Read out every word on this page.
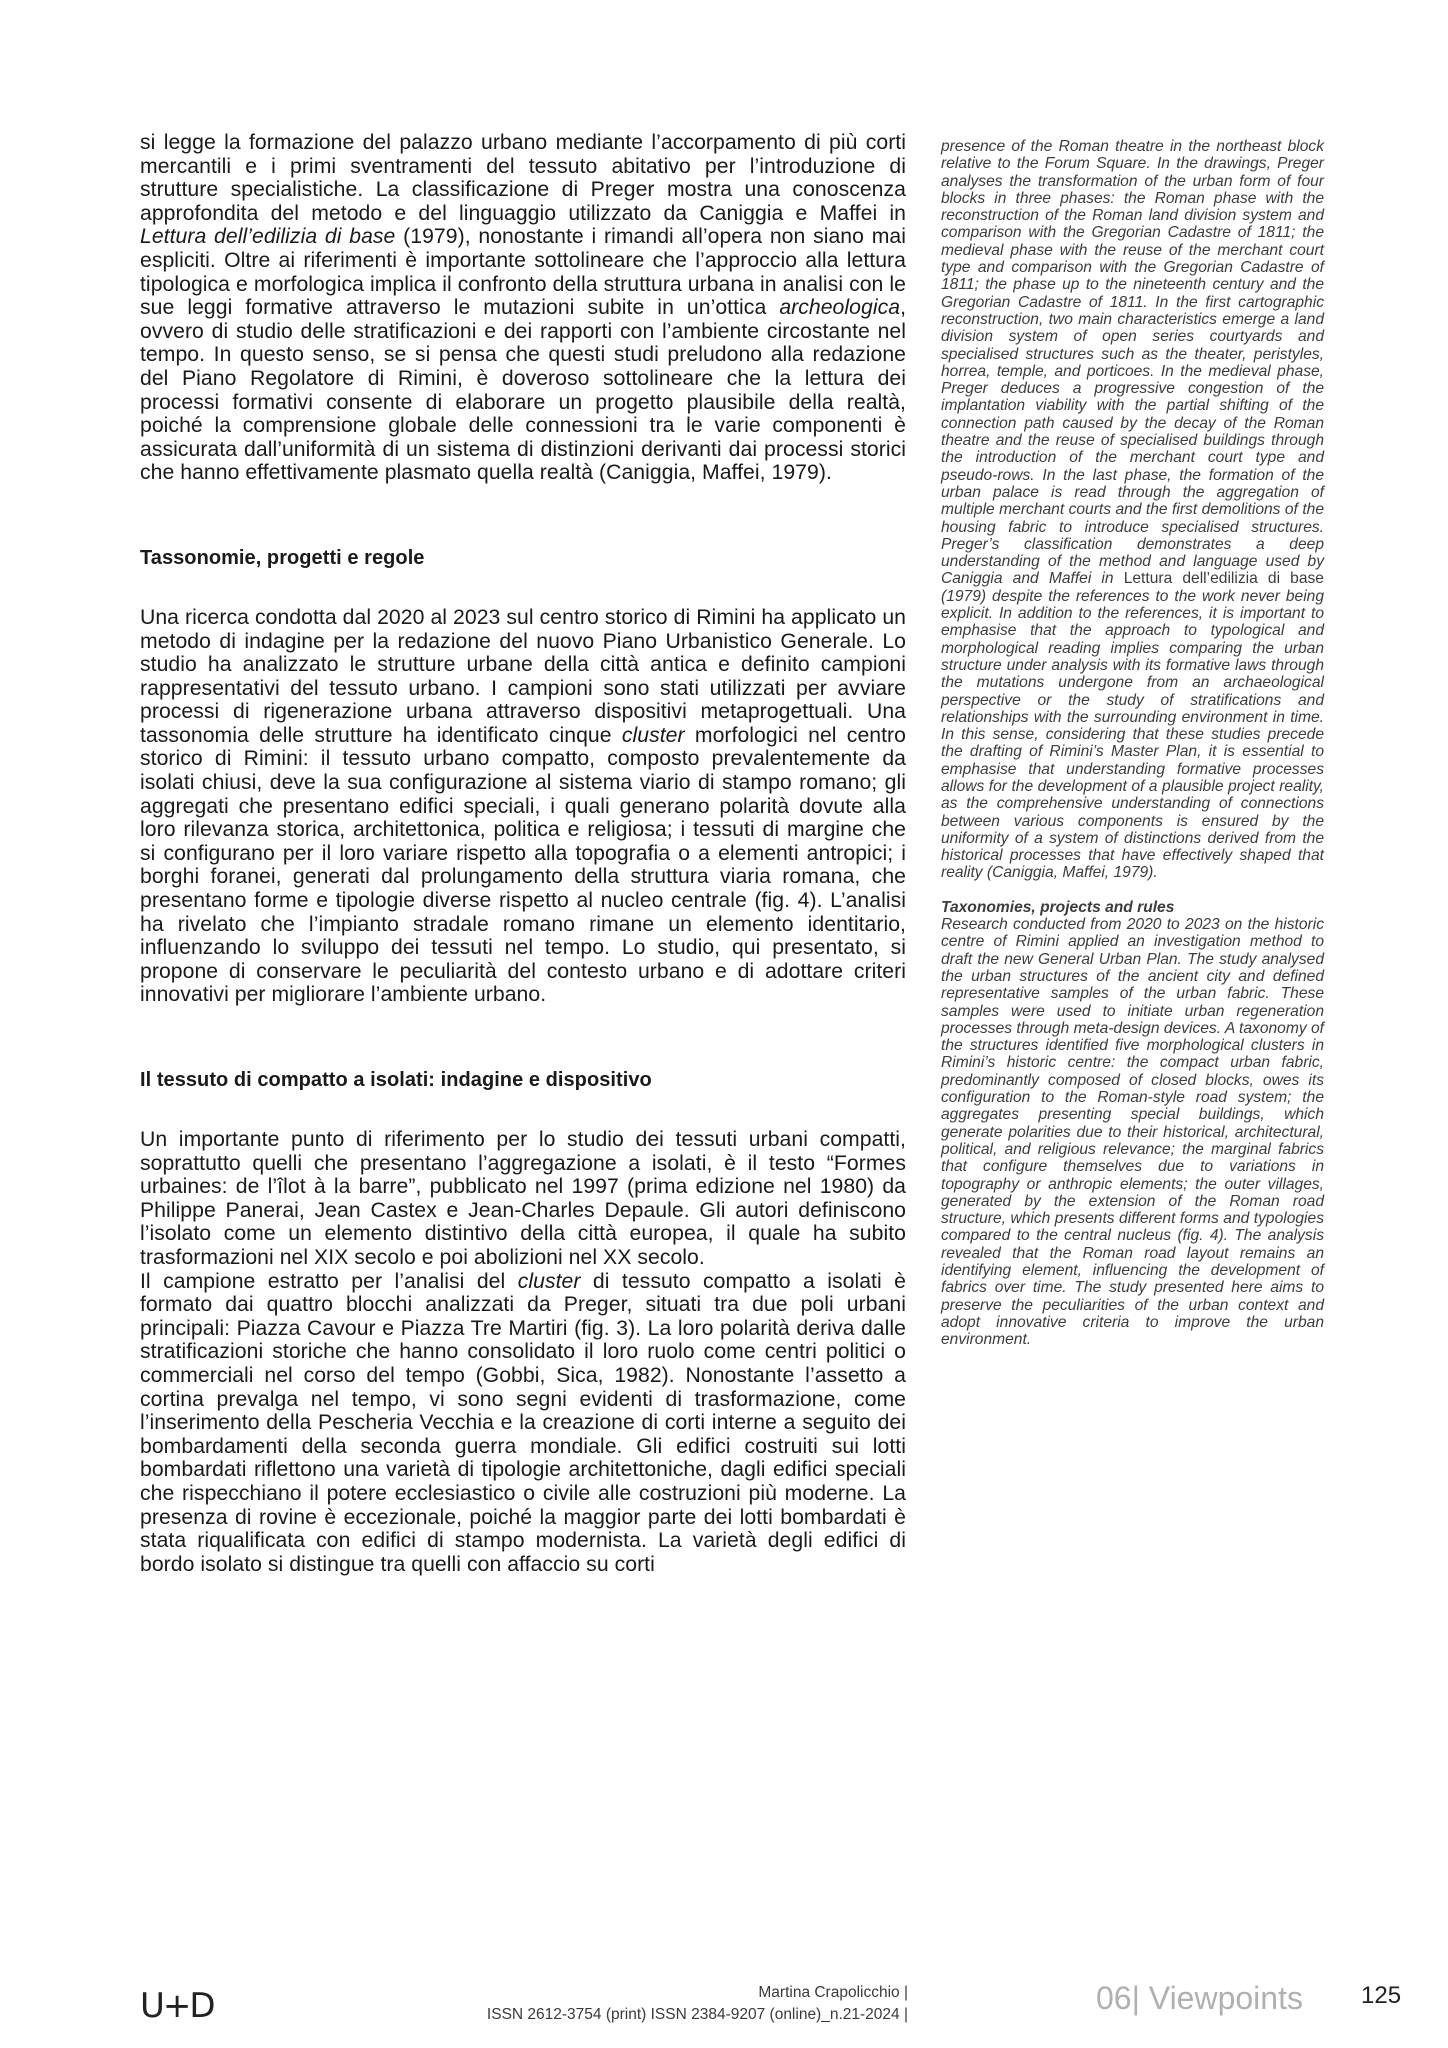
si legge la formazione del palazzo urbano mediante l’accorpamento di più corti mercantili e i primi sventramenti del tessuto abitativo per l’introduzione di strutture specialistiche. La classificazione di Preger mostra una conoscenza approfondita del metodo e del linguaggio utilizzato da Caniggia e Maffei in Lettura dell’edilizia di base (1979), nonostante i rimandi all’opera non siano mai espliciti. Oltre ai riferimenti è importante sottolineare che l’approccio alla lettura tipologica e morfologica implica il confronto della struttura urbana in analisi con le sue leggi formative attraverso le mutazioni subite in un’ottica archeologica, ovvero di studio delle stratificazioni e dei rapporti con l’ambiente circostante nel tempo. In questo senso, se si pensa che questi studi preludono alla redazione del Piano Regolatore di Rimini, è doveroso sottolineare che la lettura dei processi formativi consente di elaborare un progetto plausibile della realtà, poiché la comprensione globale delle connessioni tra le varie componenti è assicurata dall’uniformità di un sistema di distinzioni derivanti dai processi storici che hanno effettivamente plasmato quella realtà (Caniggia, Maffei, 1979).

Tassonomie, progetti e regole

Una ricerca condotta dal 2020 al 2023 sul centro storico di Rimini ha applicato un metodo di indagine per la redazione del nuovo Piano Urbanistico Generale. Lo studio ha analizzato le strutture urbane della città antica e definito campioni rappresentativi del tessuto urbano. I campioni sono stati utilizzati per avviare processi di rigenerazione urbana attraverso dispositivi metaprogettuali. Una tassonomia delle strutture ha identificato cinque cluster morfologici nel centro storico di Rimini: il tessuto urbano compatto, composto prevalentemente da isolati chiusi, deve la sua configurazione al sistema viario di stampo romano; gli aggregati che presentano edifici speciali, i quali generano polarità dovute alla loro rilevanza storica, architettonica, politica e religiosa; i tessuti di margine che si configurano per il loro variare rispetto alla topografia o a elementi antropici; i borghi foranei, generati dal prolungamento della struttura viaria romana, che presentano forme e tipologie diverse rispetto al nucleo centrale (fig. 4). L’analisi ha rivelato che l’impianto stradale romano rimane un elemento identitario, influenzando lo sviluppo dei tessuti nel tempo. Lo studio, qui presentato, si propone di conservare le peculiarità del contesto urbano e di adottare criteri innovativi per migliorare l’ambiente urbano.

Il tessuto di compatto a isolati: indagine e dispositivo

Un importante punto di riferimento per lo studio dei tessuti urbani compatti, soprattutto quelli che presentano l’aggregazione a isolati, è il testo “Formes urbaines: de l’îlot à la barre”, pubblicato nel 1997 (prima edizione nel 1980) da Philippe Panerai, Jean Castex e Jean-Charles Depaule. Gli autori definiscono l’isolato come un elemento distintivo della città europea, il quale ha subito trasformazioni nel XIX secolo e poi abolizioni nel XX secolo.

Il campione estratto per l’analisi del cluster di tessuto compatto a isolati è formato dai quattro blocchi analizzati da Preger, situati tra due poli urbani principali: Piazza Cavour e Piazza Tre Martiri (fig. 3). La loro polarità deriva dalle stratificazioni storiche che hanno consolidato il loro ruolo come centri politici o commerciali nel corso del tempo (Gobbi, Sica, 1982). Nonostante l’assetto a cortina prevalga nel tempo, vi sono segni evidenti di trasformazione, come l’inserimento della Pescheria Vecchia e la creazione di corti interne a seguito dei bombardamenti della seconda guerra mondiale. Gli edifici costruiti sui lotti bombardati riflettono una varietà di tipologie architettoniche, dagli edifici speciali che rispecchiano il potere ecclesiastico o civile alle costruzioni più moderne. La presenza di rovine è eccezionale, poiché la maggior parte dei lotti bombardati è stata riqualificata con edifici di stampo modernista. La varietà degli edifici di bordo isolato si distingue tra quelli con affaccio su corti

presence of the Roman theatre in the northeast block relative to the Forum Square. In the drawings, Preger analyses the transformation of the urban form of four blocks in three phases: the Roman phase with the reconstruction of the Roman land division system and comparison with the Gregorian Cadastre of 1811; the medieval phase with the reuse of the merchant court type and comparison with the Gregorian Cadastre of 1811; the phase up to the nineteenth century and the Gregorian Cadastre of 1811. In the first cartographic reconstruction, two main characteristics emerge a land division system of open series courtyards and specialised structures such as the theater, peristyles, horrea, temple, and porticoes. In the medieval phase, Preger deduces a progressive congestion of the implantation viability with the partial shifting of the connection path caused by the decay of the Roman theatre and the reuse of specialised buildings through the introduction of the merchant court type and pseudo-rows. In the last phase, the formation of the urban palace is read through the aggregation of multiple merchant courts and the first demolitions of the housing fabric to introduce specialised structures. Preger’s classification demonstrates a deep understanding of the method and language used by Caniggia and Maffei in Lettura dell’edilizia di base (1979) despite the references to the work never being explicit. In addition to the references, it is important to emphasise that the approach to typological and morphological reading implies comparing the urban structure under analysis with its formative laws through the mutations undergone from an archaeological perspective or the study of stratifications and relationships with the surrounding environment in time. In this sense, considering that these studies precede the drafting of Rimini’s Master Plan, it is essential to emphasise that understanding formative processes allows for the development of a plausible project reality, as the comprehensive understanding of connections between various components is ensured by the uniformity of a system of distinctions derived from the historical processes that have effectively shaped that reality (Caniggia, Maffei, 1979).

Taxonomies, projects and rules

Research conducted from 2020 to 2023 on the historic centre of Rimini applied an investigation method to draft the new General Urban Plan. The study analysed the urban structures of the ancient city and defined representative samples of the urban fabric. These samples were used to initiate urban regeneration processes through meta-design devices. A taxonomy of the structures identified five morphological clusters in Rimini’s historic centre: the compact urban fabric, predominantly composed of closed blocks, owes its configuration to the Roman-style road system; the aggregates presenting special buildings, which generate polarities due to their historical, architectural, political, and religious relevance; the marginal fabrics that configure themselves due to variations in topography or anthropic elements; the outer villages, generated by the extension of the Roman road structure, which presents different forms and typologies compared to the central nucleus (fig. 4). The analysis revealed that the Roman road layout remains an identifying element, influencing the development of fabrics over time. The study presented here aims to preserve the peculiarities of the urban context and adopt innovative criteria to improve the urban environment.

U+D	Martina Crapolicchio |
ISSN 2612-3754 (print) ISSN 2384-9207 (online)_n.21-2024 |	06| Viewpoints 125
